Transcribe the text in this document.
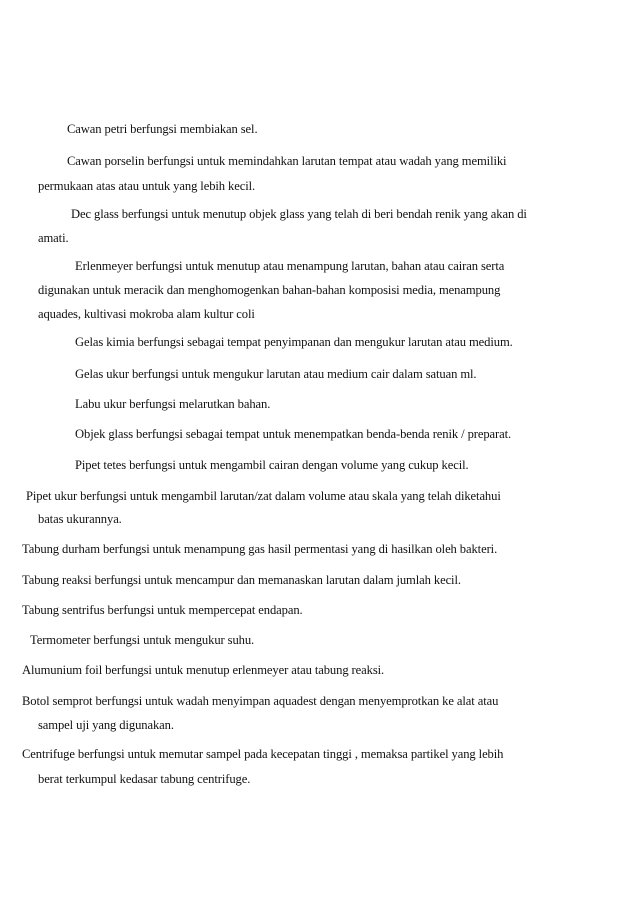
Cawan petri berfungsi membiakan sel.
Cawan porselin berfungsi untuk memindahkan larutan tempat atau wadah yang memiliki
permukaan atas atau untuk yang lebih kecil.
Dec glass berfungsi untuk menutup objek glass yang telah di beri bendah renik yang akan di
amati.
Erlenmeyer berfungsi untuk menutup atau menampung larutan, bahan atau cairan serta
digunakan untuk meracik dan menghomogenkan bahan-bahan komposisi media, menampung
aquades, kultivasi mokroba alam kultur coli
Gelas kimia berfungsi sebagai tempat penyimpanan dan mengukur larutan atau medium.
Gelas ukur berfungsi untuk mengukur larutan atau medium cair dalam satuan ml.
Labu ukur berfungsi melarutkan bahan.
Objek glass berfungsi sebagai tempat untuk menempatkan benda-benda renik / preparat.
Pipet tetes berfungsi untuk mengambil cairan dengan volume yang cukup kecil.
Pipet ukur berfungsi untuk mengambil larutan/zat dalam volume atau skala yang telah diketahui
batas ukurannya.
Tabung durham berfungsi untuk menampung gas hasil permentasi yang di hasilkan oleh bakteri.
Tabung reaksi berfungsi untuk mencampur dan memanaskan larutan dalam jumlah kecil.
Tabung sentrifus berfungsi untuk mempercepat endapan.
Termometer berfungsi untuk mengukur suhu.
Alumunium foil berfungsi untuk menutup erlenmeyer atau tabung reaksi.
Botol semprot berfungsi untuk wadah menyimpan aquadest dengan menyemprotkan ke alat atau
sampel uji yang digunakan.
Centrifuge berfungsi untuk memutar sampel pada kecepatan tinggi , memaksa partikel yang lebih
berat terkumpul kedasar tabung centrifuge.
